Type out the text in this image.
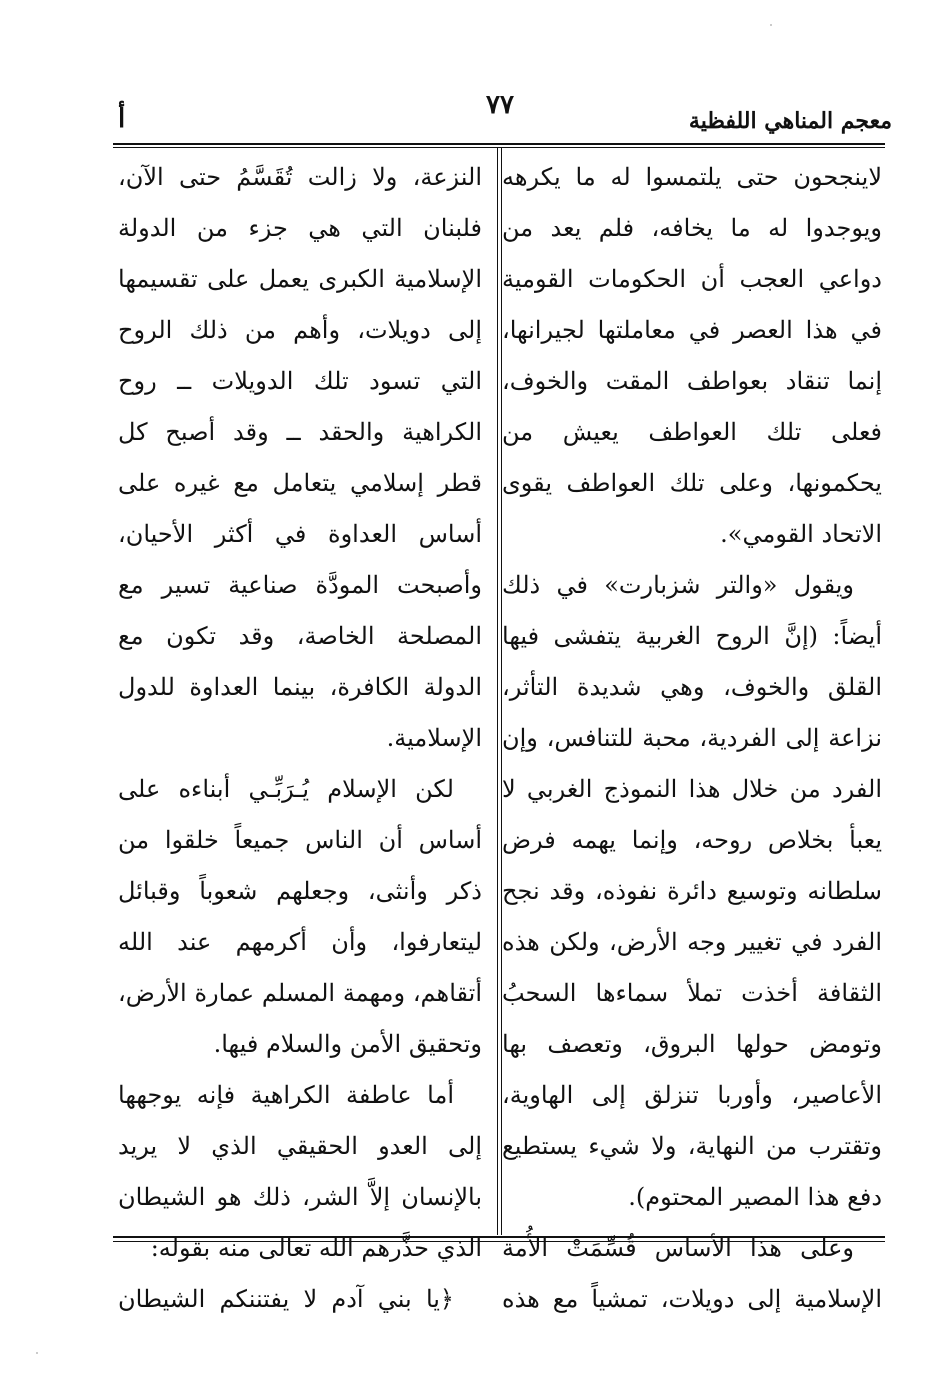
٧٧
معجم المناهي اللفظية
أ

لاينجحون حتى يلتمسوا له ما يكرهه ويوجدوا له ما يخافه، فلم يعد من دواعي العجب أن الحكومات القومية في هذا العصر في معاملتها لجيرانها، إنما تنقاد بعواطف المقت والخوف، فعلى تلك العواطف يعيش من يحكمونها، وعلى تلك العواطف يقوى الاتحاد القومي».

ويقول «والتر شزبارت» في ذلك أيضاً: (إنَّ الروح الغربية يتفشى فيها القلق والخوف، وهي شديدة التأثر، نزاعة إلى الفردية، محبة للتنافس، وإن الفرد من خلال هذا النموذج الغربي لا يعبأ بخلاص روحه، وإنما يهمه فرض سلطانه وتوسيع دائرة نفوذه، وقد نجح الفرد في تغيير وجه الأرض، ولكن هذه الثقافة أخذت تملأ سماءها السحبُ وتومض حولها البروق، وتعصف بها الأعاصير، وأوربا تنزلق إلى الهاوية، وتقترب من النهاية، ولا شيء يستطيع دفع هذا المصير المحتوم).

وعلى هذا الأساس قُسِّمَتْ الأُمة الإسلامية إلى دويلات، تمشياً مع هذه

النزعة، ولا زالت تُقَسَّمُ حتى الآن، فلبنان التي هي جزء من الدولة الإسلامية الكبرى يعمل على تقسيمها إلى دويلات، وأهم من ذلك الروح التي تسود تلك الدويلات ــ روح الكراهية والحقد ــ وقد أصبح كل قطر إسلامي يتعامل مع غيره على أساس العداوة في أكثر الأحيان، وأصبحت المودَّة صناعية تسير مع المصلحة الخاصة، وقد تكون مع الدولة الكافرة، بينما العداوة للدول الإسلامية.

لكن الإسلام يُـرَبِّـي أبناءه على أساس أن الناس جميعاً خلقوا من ذكر وأنثى، وجعلهم شعوباً وقبائل ليتعارفوا، وأن أكرمهم عند الله أتقاهم، ومهمة المسلم عمارة الأرض، وتحقيق الأمن والسلام فيها.

أما عاطفة الكراهية فإنه يوجهها إلى العدو الحقيقي الذي لا يريد بالإنسان إلاَّ الشر، ذلك هو الشيطان الذي حذَّرهم الله تعالى منه بقوله:

﴿يا بني آدم لا يفتننكم الشيطان
